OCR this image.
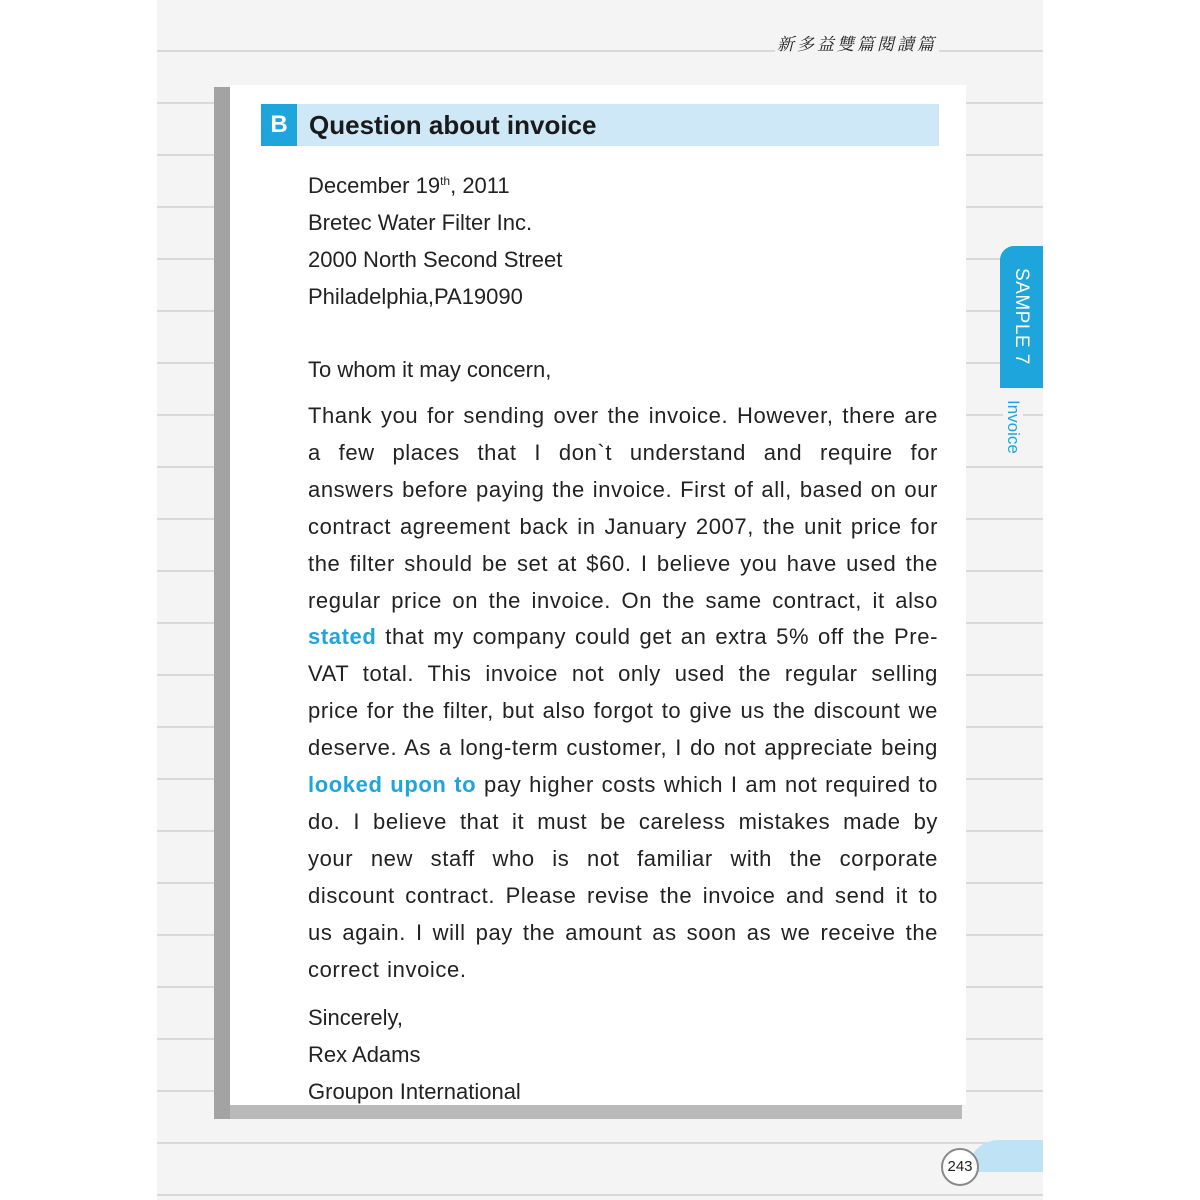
新多益雙篇閱讀篇
B Question about invoice
SAMPLE 7
Invoice
243
December 19th, 2011
Bretec Water Filter Inc.
2000 North Second Street
Philadelphia,PA19090
To whom it may concern,
Thank you for sending over the invoice. However, there are a few places that I don`t understand and require for answers before paying the invoice. First of all, based on our contract agreement back in January 2007, the unit price for the filter should be set at $60. I believe you have used the regular price on the invoice. On the same contract, it also stated that my company could get an extra 5% off the Pre-VAT total. This invoice not only used the regular selling price for the filter, but also forgot to give us the discount we deserve. As a long-term customer, I do not appreciate being looked upon to pay higher costs which I am not required to do. I believe that it must be careless mistakes made by your new staff who is not familiar with the corporate discount contract. Please revise the invoice and send it to us again. I will pay the amount as soon as we receive the correct invoice.
Sincerely,
Rex Adams
Groupon International
